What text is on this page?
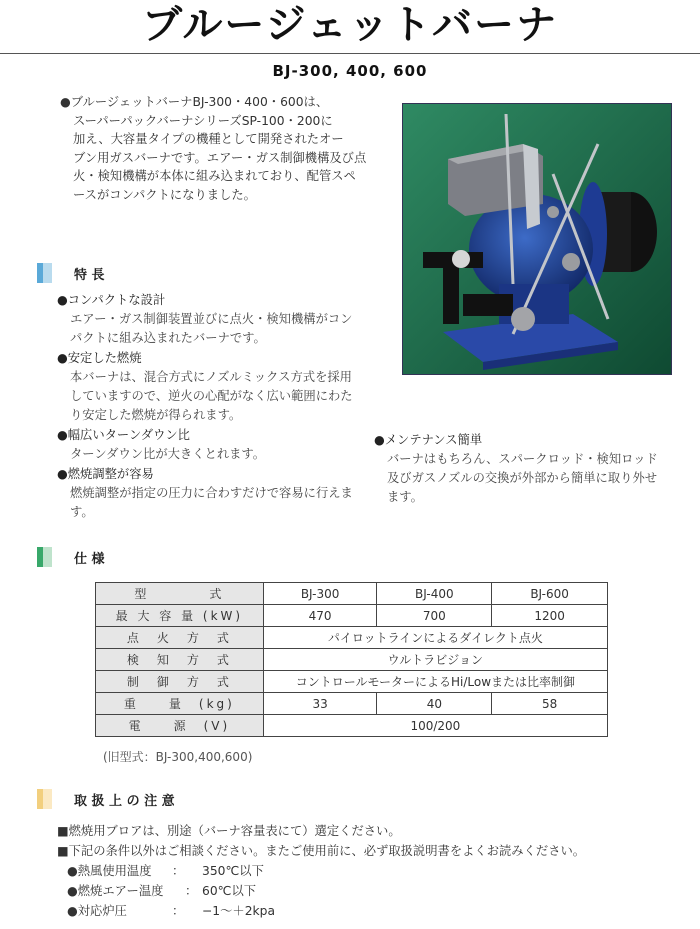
ブルージェットバーナ
BJ-300, 400, 600
●ブルージェットバーナBJ-300・400・600は、
スーパーパックバーナシリーズSP-100・200に
加え、大容量タイプの機種として開発されたオー
ブン用ガスバーナです。エアー・ガス制御機構及び点
火・検知機構が本体に組み込まれており、配管スペ
ースがコンパクトになりました。
特 長
●コンパクトな設計
エアー・ガス制御装置並びに点火・検知機構がコン
パクトに組み込まれたバーナです。
●安定した燃焼
本バーナは、混合方式にノズルミックス方式を採用
していますので、逆火の心配がなく広い範囲にわた
り安定した燃焼が得られます。
●幅広いターンダウン比
ターンダウン比が大きくとれます。
●燃焼調整が容易
燃焼調整が指定の圧力に合わすだけで容易に行えま
す。
●メンテナンス簡単
バーナはもちろん、スパークロッド・検知ロッド
及びガスノズルの交換が外部から簡単に取り外せ
ます。
仕 様
型　　　　式	BJ-300	BJ-400	BJ-600
最 大 容 量 (kW)	470	700	1200
点　火　方　式	パイロットラインによるダイレクト点火		
検　知　方　式	ウルトラビジョン		
制　御　方　式	コントロールモーターによるHi/Lowまたは比率制御		
重　　量　(kg)	33	40	58
電　　源　(V)	100/200		
(旧型式：BJ-300,400,600)
取 扱 上 の 注 意
■燃焼用ブロアは、別途（バーナ容量表にて）選定ください。
■下記の条件以外はご相談ください。またご使用前に、必ず取扱説明書をよくお読みください。
●熱風使用温度	：	350℃以下
●燃焼エアー温度	： 60℃以下
●対応炉圧	：	−1〜＋2kpa
